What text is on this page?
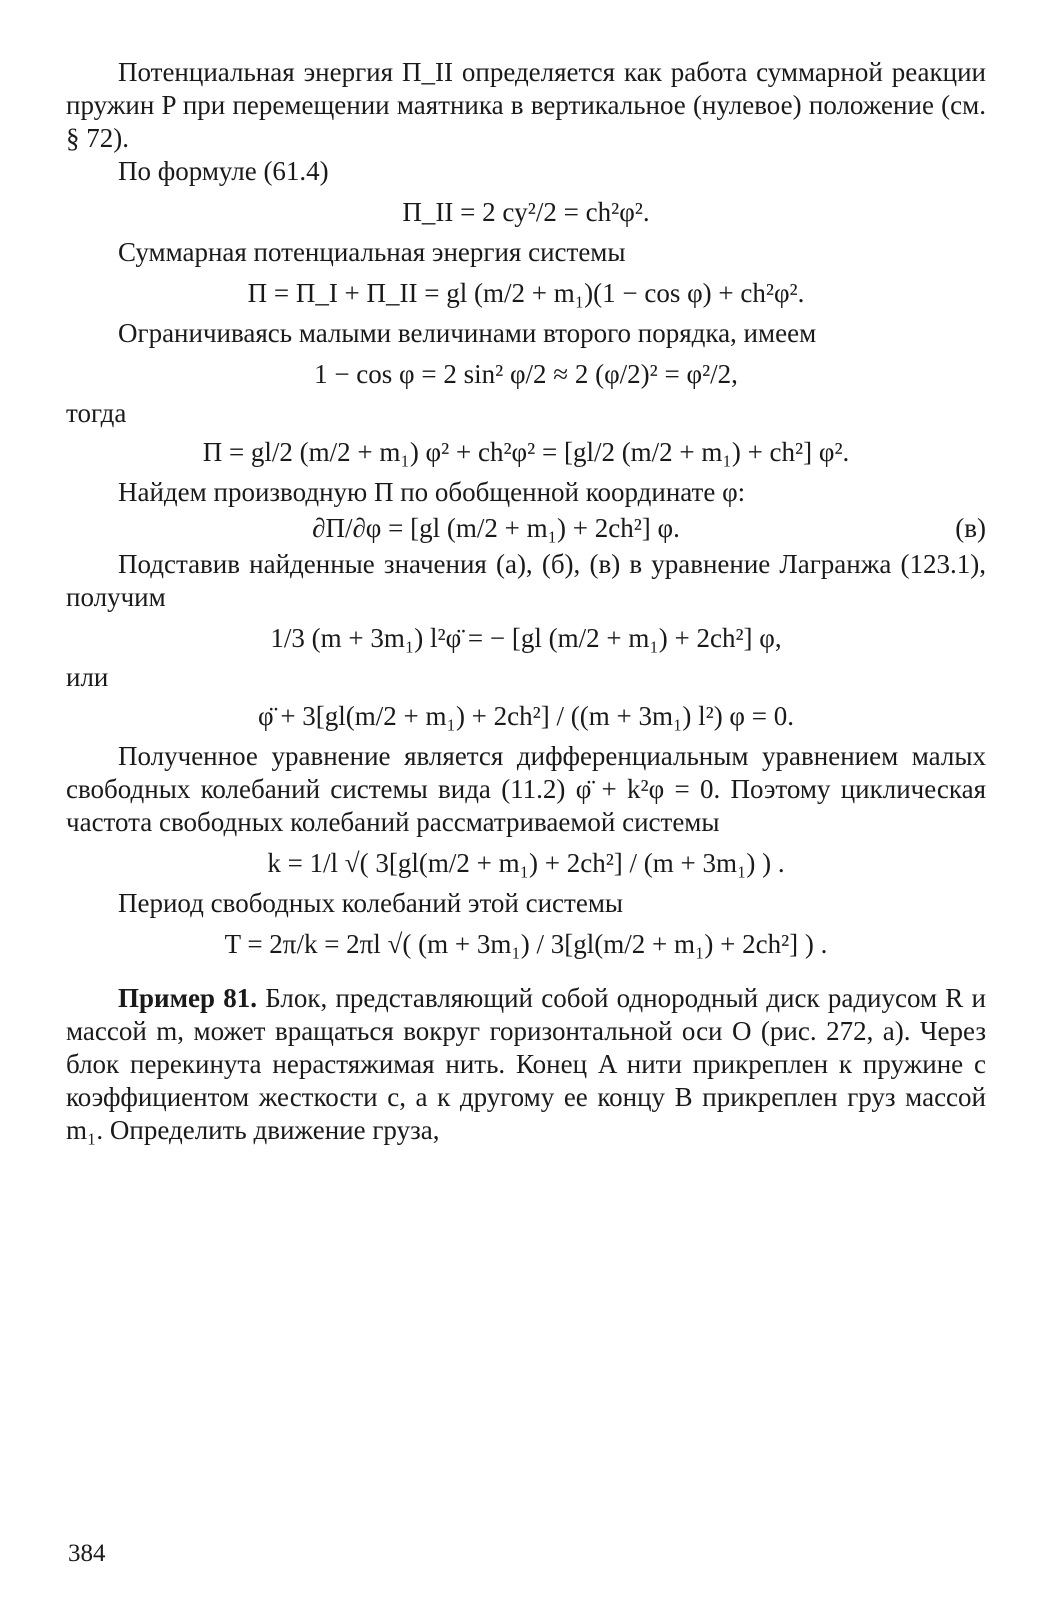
Потенциальная энергия П_II определяется как работа суммарной реакции пружин P при перемещении маятника в вертикальное (нулевое) положение (см. § 72).

По формуле (61.4)

П_II = 2 cy²/2 = ch²φ².

Суммарная потенциальная энергия системы

П = П_I + П_II = gl (m/2 + m₁)(1 − cos φ) + ch²φ².

Ограничиваясь малыми величинами второго порядка, имеем

1 − cos φ = 2 sin² φ/2 ≈ 2 (φ/2)² = φ²/2,

тогда

П = gl/2 (m/2 + m₁) φ² + ch²φ² = [gl/2 (m/2 + m₁) + ch²] φ².

Найдем производную П по обобщенной координате φ:

∂П/∂φ = [gl (m/2 + m₁) + 2ch²] φ.	(в)

Подставив найденные значения (а), (б), (в) в уравнение Лагранжа (123.1), получим

1/3 (m + 3m₁) l²φ̈ = − [gl (m/2 + m₁) + 2ch²] φ,

или

φ̈ + 3[gl(m/2 + m₁) + 2ch²] / ((m + 3m₁) l²) φ = 0.

Полученное уравнение является дифференциальным уравнением малых свободных колебаний системы вида (11.2) φ̈ + k²φ = 0. Поэтому циклическая частота свободных колебаний рассматриваемой системы

k = 1/l √( 3[gl(m/2 + m₁) + 2ch²] / (m + 3m₁) ) .

Период свободных колебаний этой системы

T = 2π/k = 2πl √( (m + 3m₁) / 3[gl(m/2 + m₁) + 2ch²] ) .

Пример 81. Блок, представляющий собой однородный диск радиусом R и массой m, может вращаться вокруг горизонтальной оси O (рис. 272, а). Через блок перекинута нерастяжимая нить. Конец A нити прикреплен к пружине с коэффициентом жесткости c, а к другому ее концу B прикреплен груз массой m₁. Определить движение груза,

384
